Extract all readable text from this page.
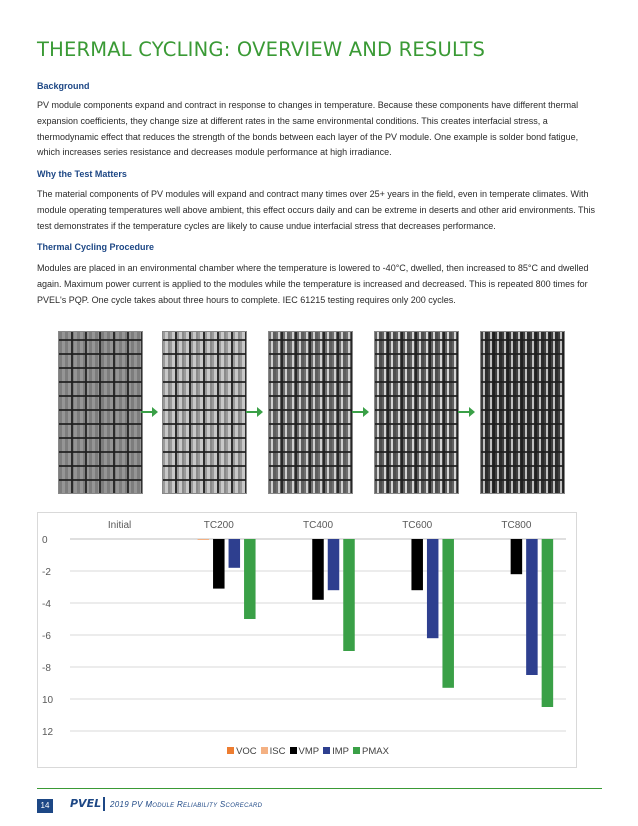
THERMAL CYCLING: OVERVIEW AND RESULTS
Background
PV module components expand and contract in response to changes in temperature. Because these components have different thermal expansion coefficients, they change size at different rates in the same environmental conditions. This creates interfacial stress, a thermodynamic effect that reduces the strength of the bonds between each layer of the PV module. One example is solder bond fatigue, which increases series resistance and decreases module performance at high irradiance.
Why the Test Matters
The material components of PV modules will expand and contract many times over 25+ years in the field, even in temperate climates. With module operating temperatures well above ambient, this effect occurs daily and can be extreme in deserts and other arid environments. This test demonstrates if the temperature cycles are likely to cause undue interfacial stress that decreases performance.
Thermal Cycling Procedure
Modules are placed in an environmental chamber where the temperature is lowered to -40°C, dwelled, then increased to 85°C and dwelled again. Maximum power current is applied to the modules while the temperature is increased and decreased. This is repeated 800 times for PVEL's PQP. One cycle takes about three hours to complete. IEC 61215 testing requires only 200 cycles.
0
-2
-4
-6
-8
10
12
Initial	TC200	TC400	TC600	TC800
VOC ISC VMP IMP PMAX
14	PVEL 2019 PV Module Reliability Scorecard
